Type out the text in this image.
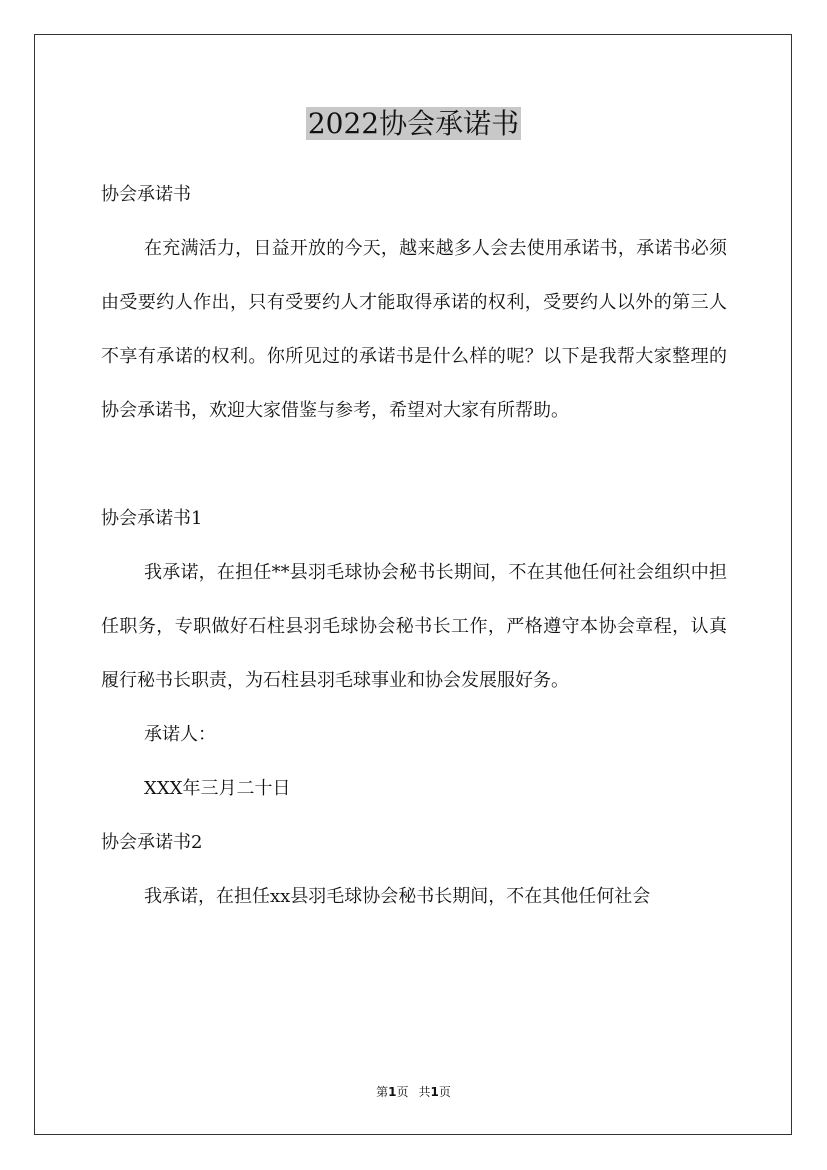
2022协会承诺书

协会承诺书

在充满活力，日益开放的今天，越来越多人会去使用承诺书，承诺书必须由受要约人作出，只有受要约人才能取得承诺的权利，受要约人以外的第三人不享有承诺的权利。你所见过的承诺书是什么样的呢？以下是我帮大家整理的协会承诺书，欢迎大家借鉴与参考，希望对大家有所帮助。

协会承诺书1

我承诺，在担任**县羽毛球协会秘书长期间，不在其他任何社会组织中担任职务，专职做好石柱县羽毛球协会秘书长工作，严格遵守本协会章程，认真履行秘书长职责，为石柱县羽毛球事业和协会发展服好务。

承诺人：

XXX年三月二十日

协会承诺书2

我承诺，在担任xx县羽毛球协会秘书长期间，不在其他任何社会

第1页 共1页
